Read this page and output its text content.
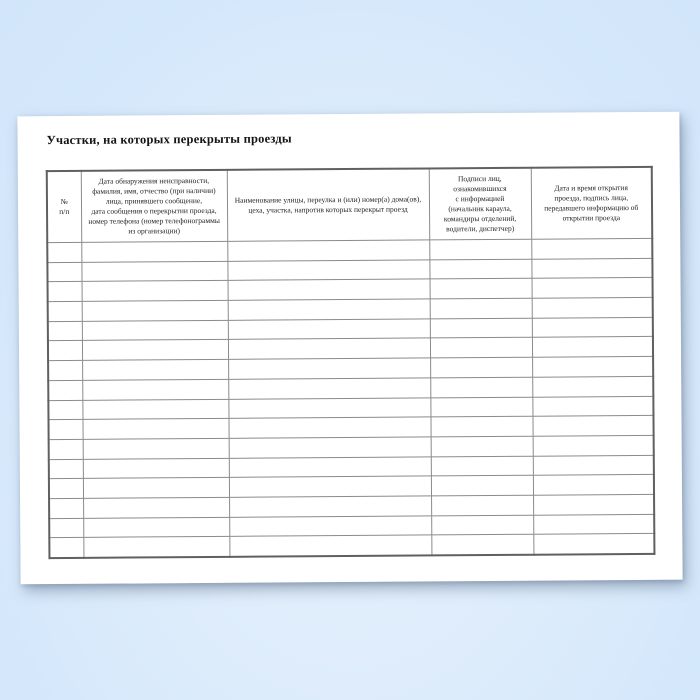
Участки, на которых перекрыты проезды
№
п/п	Дата обнаружения неисправности,
фамилия, имя, отчество (при наличии)
лица, принявшего сообщение,
дата сообщения о перекрытии проезда,
номер телефона (номер телефонограммы
из организации)	Наименование улицы, переулка и (или) номер(а) дома(ов),
цеха, участка, напротив которых перекрыт проезд	Подписи лиц,
ознакомившихся
с информацией
(начальник караула,
командиры отделений,
водители, диспетчер)	Дата и время открытия
проезда, подпись лица,
передавшего информацию об
открытии проезда
